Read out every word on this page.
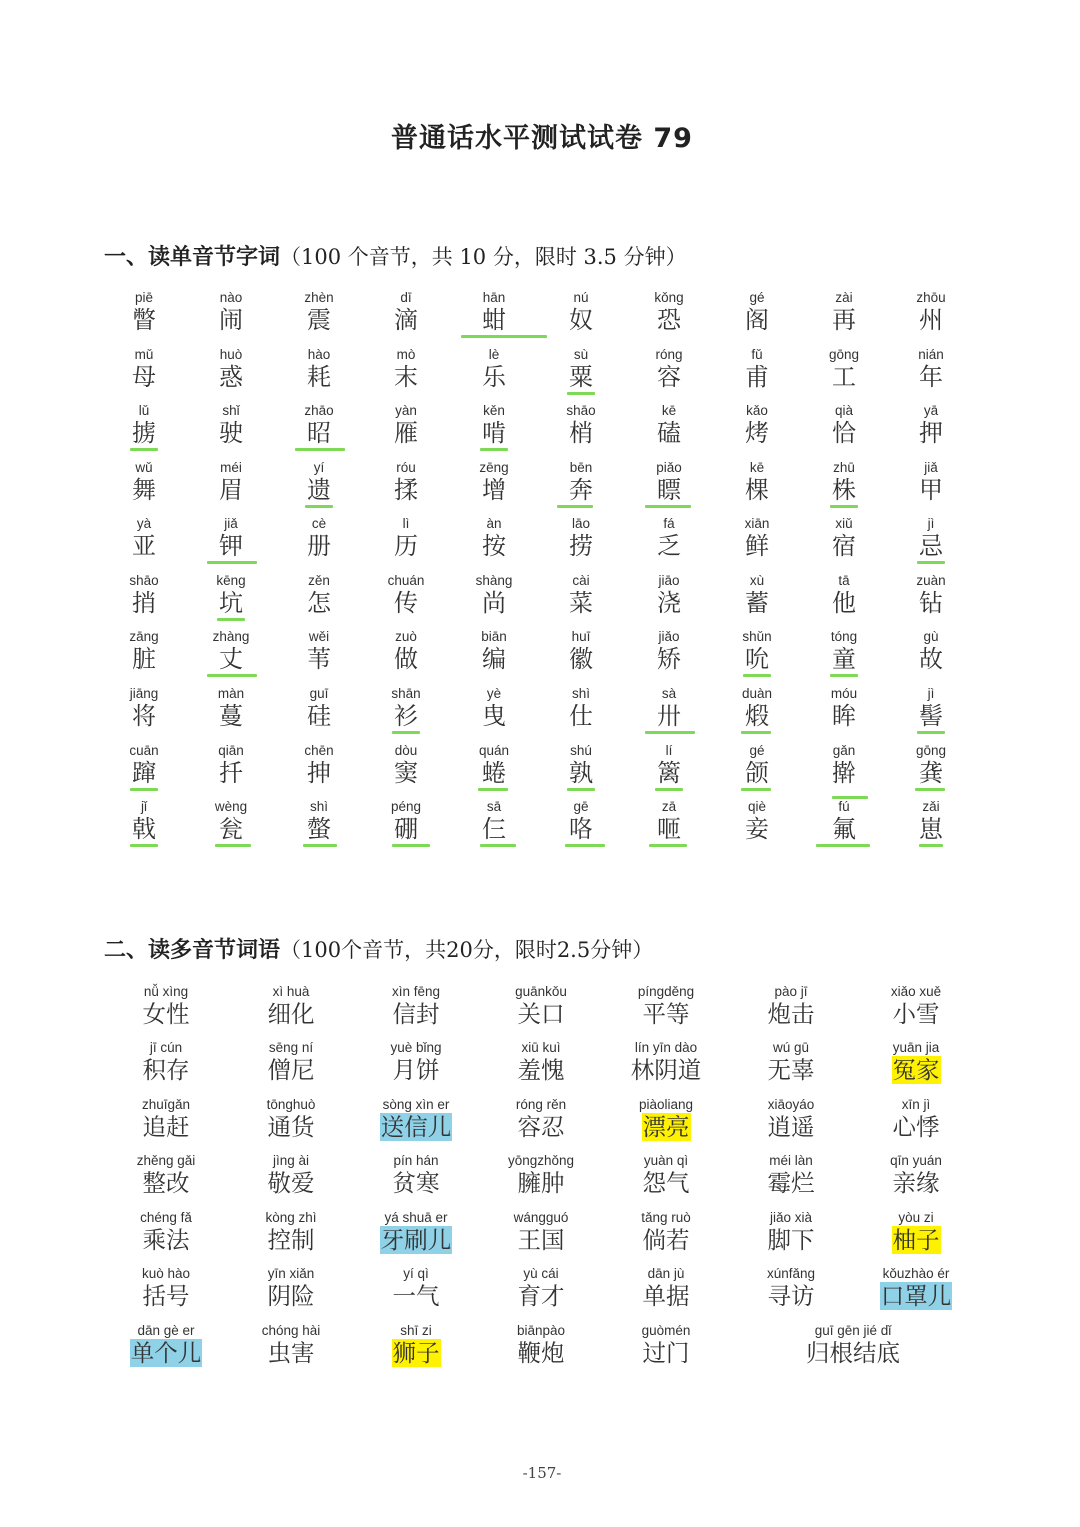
普通话水平测试试卷 79
一、读单音节字词（100 个音节，共 10 分，限时 3.5 分钟）
piē
瞥
nào
闹
zhèn
震
dī
滴
hān
蚶
nú
奴
kǒng
恐
gé
阁
zài
再
zhōu
州
mǔ
母
huò
惑
hào
耗
mò
末
lè
乐
sù
粟
róng
容
fǔ
甫
gōng
工
nián
年
lǔ
掳
shǐ
驶
zhāo
昭
yàn
雁
kěn
啃
shāo
梢
kē
磕
kǎo
烤
qià
恰
yā
押
wǔ
舞
méi
眉
yí
遗
róu
揉
zēng
增
bēn
奔
piǎo
瞟
kē
棵
zhū
株
jiǎ
甲
yà
亚
jiǎ
钾
cè
册
lì
历
àn
按
lāo
捞
fá
乏
xiān
鲜
xiǔ
宿
jì
忌
shāo
捎
kēng
坑
zěn
怎
chuán
传
shàng
尚
cài
菜
jiāo
浇
xù
蓄
tā
他
zuàn
钻
zāng
脏
zhàng
丈
wěi
苇
zuò
做
biān
编
huī
徽
jiǎo
矫
shǔn
吮
tóng
童
gù
故
jiāng
将
màn
蔓
guī
硅
shān
衫
yè
曳
shì
仕
sà
卅
duàn
煅
móu
眸
jì
髻
cuān
蹿
qiān
扦
chēn
抻
dòu
窦
quán
蜷
shú
孰
lí
篱
gé
颌
gǎn
擀
gōng
龚
jǐ
戟
wèng
瓮
shì
螫
péng
硼
sā
仨
gē
咯
zā
咂
qiè
妾
fú
氟
zǎi
崽
二、读多音节词语（100个音节，共20分，限时2.5分钟）
nǚ xìng
女性
xì huà
细化
xìn fēng
信封
guānkǒu
关口
píngděng
平等
pào jī
炮击
xiǎo xuě
小雪
jī cún
积存
sēng ní
僧尼
yuè bǐng
月饼
xiū kuì
羞愧
lín yīn dào
林阴道
wú gū
无辜
yuān jia
冤家
zhuīgǎn
追赶
tōnghuò
通货
sòng xìn er
送信儿
róng rěn
容忍
piàoliang
漂亮
xiāoyáo
逍遥
xīn jì
心悸
zhěng gǎi
整改
jìng ài
敬爱
pín hán
贫寒
yōngzhǒng
臃肿
yuàn qì
怨气
méi làn
霉烂
qīn yuán
亲缘
chéng fǎ
乘法
kòng zhì
控制
yá shuā er
牙刷儿
wángguó
王国
tǎng ruò
倘若
jiǎo xià
脚下
yòu zi
柚子
kuò hào
括号
yīn xiǎn
阴险
yí qì
一气
yù cái
育才
dān jù
单据
xúnfǎng
寻访
kǒuzhào ér
口罩儿
dān gè er
单个儿
chóng hài
虫害
shī zi
狮子
biānpào
鞭炮
guòmén
过门
guī gēn jié dǐ
归根结底
-157-
